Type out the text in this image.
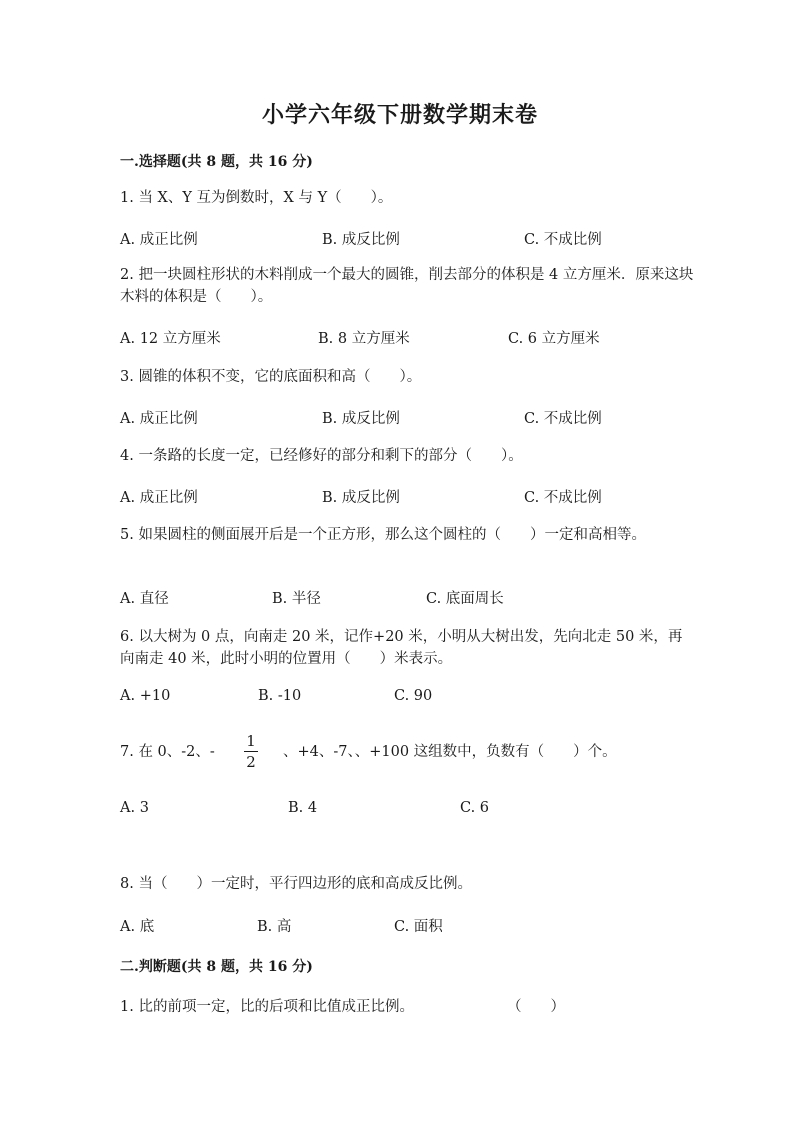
小学六年级下册数学期末卷
一.选择题(共 8 题，共 16 分)
1. 当 X、Y 互为倒数时，X 与 Y（　　）。
A. 成正比例	B. 成反比例	C. 不成比例
2. 把一块圆柱形状的木料削成一个最大的圆锥，削去部分的体积是 4 立方厘米．原来这块木料的体积是（　　）。
A. 12 立方厘米	B. 8 立方厘米	C. 6 立方厘米
3. 圆锥的体积不变，它的底面积和高（　　）。
A. 成正比例	B. 成反比例	C. 不成比例
4. 一条路的长度一定，已经修好的部分和剩下的部分（　　）。
A. 成正比例	B. 成反比例	C. 不成比例
5. 如果圆柱的侧面展开后是一个正方形，那么这个圆柱的（　　）一定和高相等。
A. 直径	B. 半径	C. 底面周长
6. 以大树为 0 点，向南走 20 米，记作+20 米，小明从大树出发，先向北走 50 米，再向南走 40 米，此时小明的位置用（　　）米表示。
A. +10	B. -10	C. 90
7. 在 0、-2、-
1
2
、+4、-7、、+100 这组数中，负数有（　　）个。
A. 3	B. 4	C. 6
8. 当（　　）一定时，平行四边形的底和高成反比例。
A. 底	B. 高	C. 面积
二.判断题(共 8 题，共 16 分)
1. 比的前项一定，比的后项和比值成正比例。	（　　）
